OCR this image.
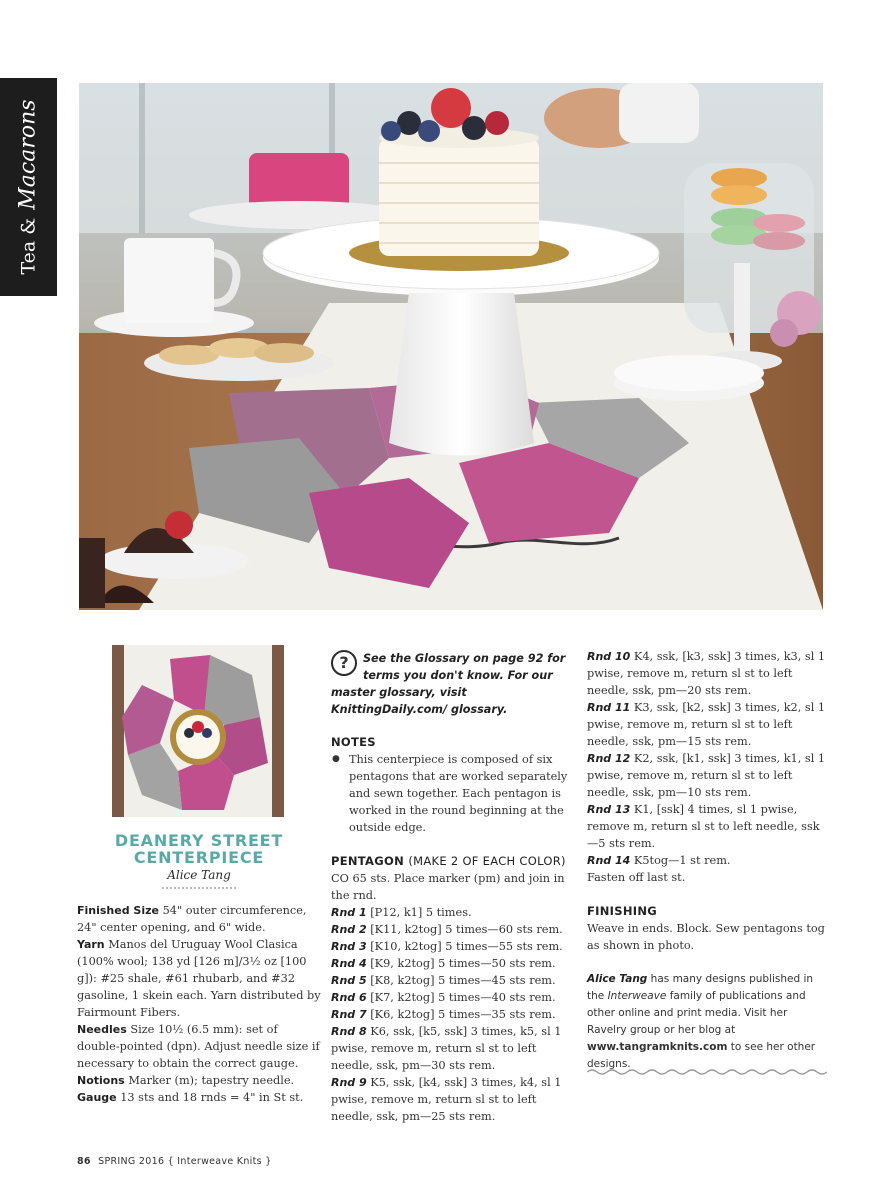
Tea & Macarons
DEANERY STREET
CENTERPIECE
Alice Tang

Finished Size 54" outer circumference, 24" center opening, and 6" wide.

Yarn Manos del Uruguay Wool Clasica (100% wool; 138 yd [126 m]/3½ oz [100 g]): #25 shale, #61 rhubarb, and #32 gasoline, 1 skein each. Yarn distributed by Fairmount Fibers.

Needles Size 10½ (6.5 mm): set of double-pointed (dpn). Adjust needle size if necessary to obtain the correct gauge.

Notions Marker (m); tapestry needle.

Gauge 13 sts and 18 rnds = 4" in St st.

?	See the Glossary on page 92 for terms you don't know. For our master glossary, visit KnittingDaily.com/ glossary.

NOTES

● This centerpiece is composed of six pentagons that are worked separately and sewn together. Each pentagon is worked in the round beginning at the outside edge.

PENTAGON (MAKE 2 OF EACH COLOR)

CO 65 sts. Place marker (pm) and join in the rnd.

Rnd 1 [P12, k1] 5 times.

Rnd 2 [K11, k2tog] 5 times—60 sts rem.

Rnd 3 [K10, k2tog] 5 times—55 sts rem.

Rnd 4 [K9, k2tog] 5 times—50 sts rem.

Rnd 5 [K8, k2tog] 5 times—45 sts rem.

Rnd 6 [K7, k2tog] 5 times—40 sts rem.

Rnd 7 [K6, k2tog] 5 times—35 sts rem.

Rnd 8 K6, ssk, [k5, ssk] 3 times, k5, sl 1 pwise, remove m, return sl st to left needle, ssk, pm—30 sts rem.

Rnd 9 K5, ssk, [k4, ssk] 3 times, k4, sl 1 pwise, remove m, return sl st to left needle, ssk, pm—25 sts rem.

Rnd 10 K4, ssk, [k3, ssk] 3 times, k3, sl 1 pwise, remove m, return sl st to left needle, ssk, pm—20 sts rem.

Rnd 11 K3, ssk, [k2, ssk] 3 times, k2, sl 1 pwise, remove m, return sl st to left needle, ssk, pm—15 sts rem.

Rnd 12 K2, ssk, [k1, ssk] 3 times, k1, sl 1 pwise, remove m, return sl st to left needle, ssk, pm—10 sts rem.

Rnd 13 K1, [ssk] 4 times, sl 1 pwise, remove m, return sl st to left needle, ssk—5 sts rem.

Rnd 14 K5tog—1 st rem.

Fasten off last st.

FINISHING

Weave in ends. Block. Sew pentagons tog as shown in photo.

Alice Tang has many designs published in the Interweave family of publications and other online and print media. Visit her Ravelry group or her blog at www.tangramknits.com to see her other designs.

86 SPRING 2016 { Interweave Knits }
